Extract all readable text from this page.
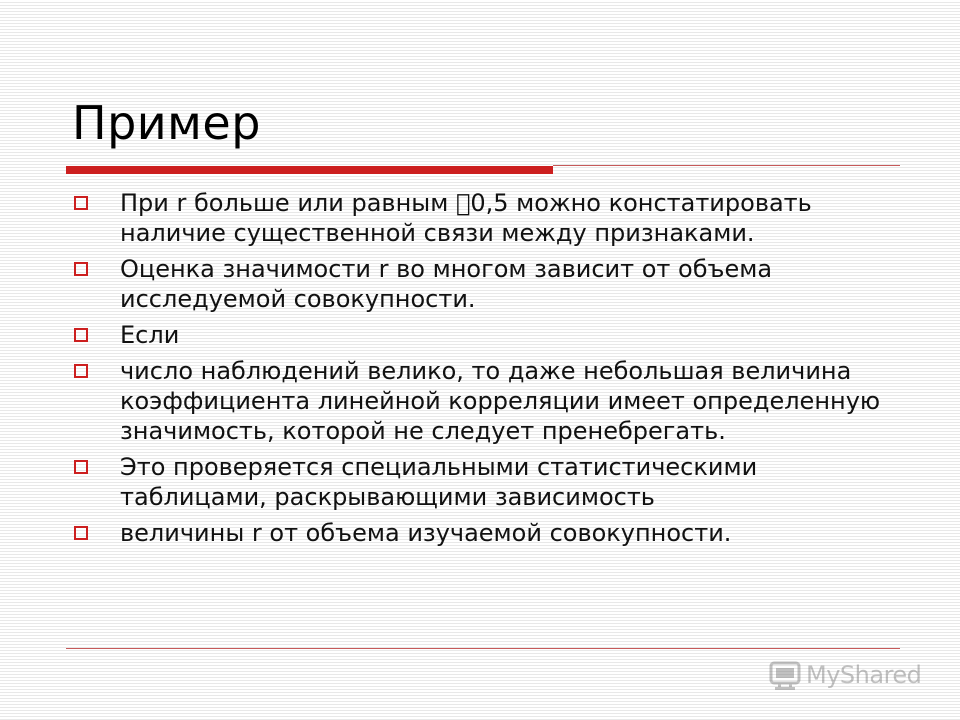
Пример
При r больше или равным 0,5 можно констатировать наличие существенной связи между признаками.
Оценка значимости r во многом зависит от объема исследуемой совокупности.
Если
число наблюдений велико, то даже небольшая величина коэффициента линейной корреляции имеет определенную значимость, которой не следует пренебрегать.
Это проверяется специальными статистическими таблицами, раскрывающими зависимость
величины r от объема изучаемой совокупности.
MyShared
